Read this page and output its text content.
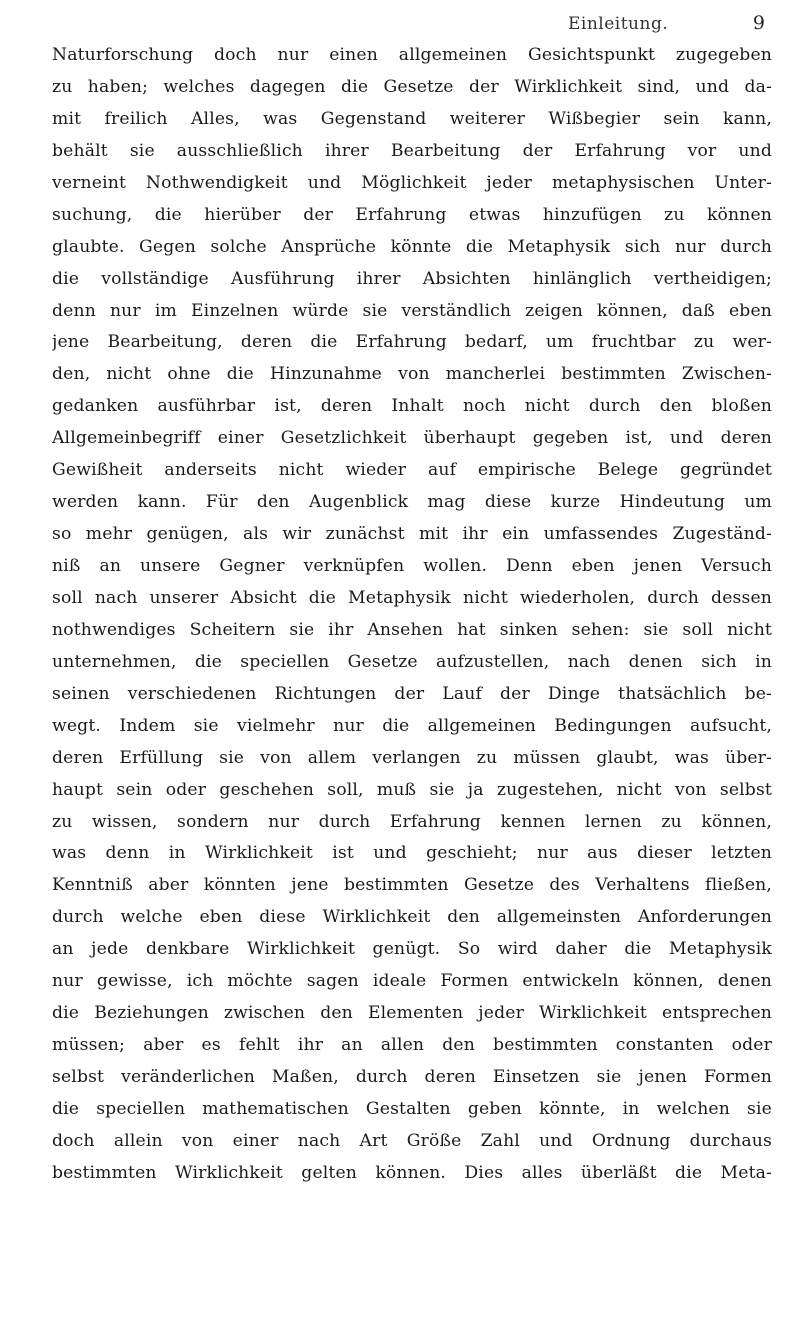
Einleitung.	9
Naturforschung doch nur einen allgemeinen Gesichtspunkt zugegeben
zu haben; welches dagegen die Gesetze der Wirklichkeit sind, und da-
mit freilich Alles, was Gegenstand weiterer Wißbegier sein kann,
behält sie ausschließlich ihrer Bearbeitung der Erfahrung vor und
verneint Nothwendigkeit und Möglichkeit jeder metaphysischen Unter-
suchung, die hierüber der Erfahrung etwas hinzufügen zu können
glaubte. Gegen solche Ansprüche könnte die Metaphysik sich nur durch
die vollständige Ausführung ihrer Absichten hinlänglich vertheidigen;
denn nur im Einzelnen würde sie verständlich zeigen können, daß eben
jene Bearbeitung, deren die Erfahrung bedarf, um fruchtbar zu wer-
den, nicht ohne die Hinzunahme von mancherlei bestimmten Zwischen-
gedanken ausführbar ist, deren Inhalt noch nicht durch den bloßen
Allgemeinbegriff einer Gesetzlichkeit überhaupt gegeben ist, und deren
Gewißheit anderseits nicht wieder auf empirische Belege gegründet
werden kann. Für den Augenblick mag diese kurze Hindeutung um
so mehr genügen, als wir zunächst mit ihr ein umfassendes Zugeständ-
niß an unsere Gegner verknüpfen wollen. Denn eben jenen Versuch
soll nach unserer Absicht die Metaphysik nicht wiederholen, durch dessen
nothwendiges Scheitern sie ihr Ansehen hat sinken sehen: sie soll nicht
unternehmen, die speciellen Gesetze aufzustellen, nach denen sich in
seinen verschiedenen Richtungen der Lauf der Dinge thatsächlich be-
wegt. Indem sie vielmehr nur die allgemeinen Bedingungen aufsucht,
deren Erfüllung sie von allem verlangen zu müssen glaubt, was über-
haupt sein oder geschehen soll, muß sie ja zugestehen, nicht von selbst
zu wissen, sondern nur durch Erfahrung kennen lernen zu können,
was denn in Wirklichkeit ist und geschieht; nur aus dieser letzten
Kenntniß aber könnten jene bestimmten Gesetze des Verhaltens fließen,
durch welche eben diese Wirklichkeit den allgemeinsten Anforderungen
an jede denkbare Wirklichkeit genügt. So wird daher die Metaphysik
nur gewisse, ich möchte sagen ideale Formen entwickeln können, denen
die Beziehungen zwischen den Elementen jeder Wirklichkeit entsprechen
müssen; aber es fehlt ihr an allen den bestimmten constanten oder
selbst veränderlichen Maßen, durch deren Einsetzen sie jenen Formen
die speciellen mathematischen Gestalten geben könnte, in welchen sie
doch allein von einer nach Art Größe Zahl und Ordnung durchaus
bestimmten Wirklichkeit gelten können. Dies alles überläßt die Meta-
